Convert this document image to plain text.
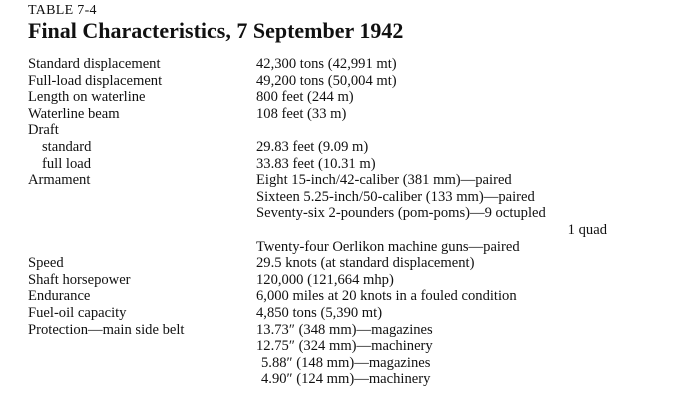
TABLE 7-4
Final Characteristics, 7 September 1942
Standard displacement	42,300 tons (42,991 mt)
Full-load displacement	49,200 tons (50,004 mt)
Length on waterline	800 feet (244 m)
Waterline beam	108 feet (33 m)
Draft
standard	29.83 feet (9.09 m)
full load	33.83 feet (10.31 m)
Armament	Eight 15-inch/42-caliber (381 mm)—paired
Sixteen 5.25-inch/50-caliber (133 mm)—paired
Seventy-six 2-pounders (pom-poms)—9 octupled
1 quad
Twenty-four Oerlikon machine guns—paired
Speed	29.5 knots (at standard displacement)
Shaft horsepower	120,000 (121,664 mhp)
Endurance	6,000 miles at 20 knots in a fouled condition
Fuel-oil capacity	4,850 tons (5,390 mt)
Protection—main side belt	13.73″ (348 mm)—magazines
12.75″ (324 mm)—machinery
5.88″ (148 mm)—magazines
4.90″ (124 mm)—machinery
